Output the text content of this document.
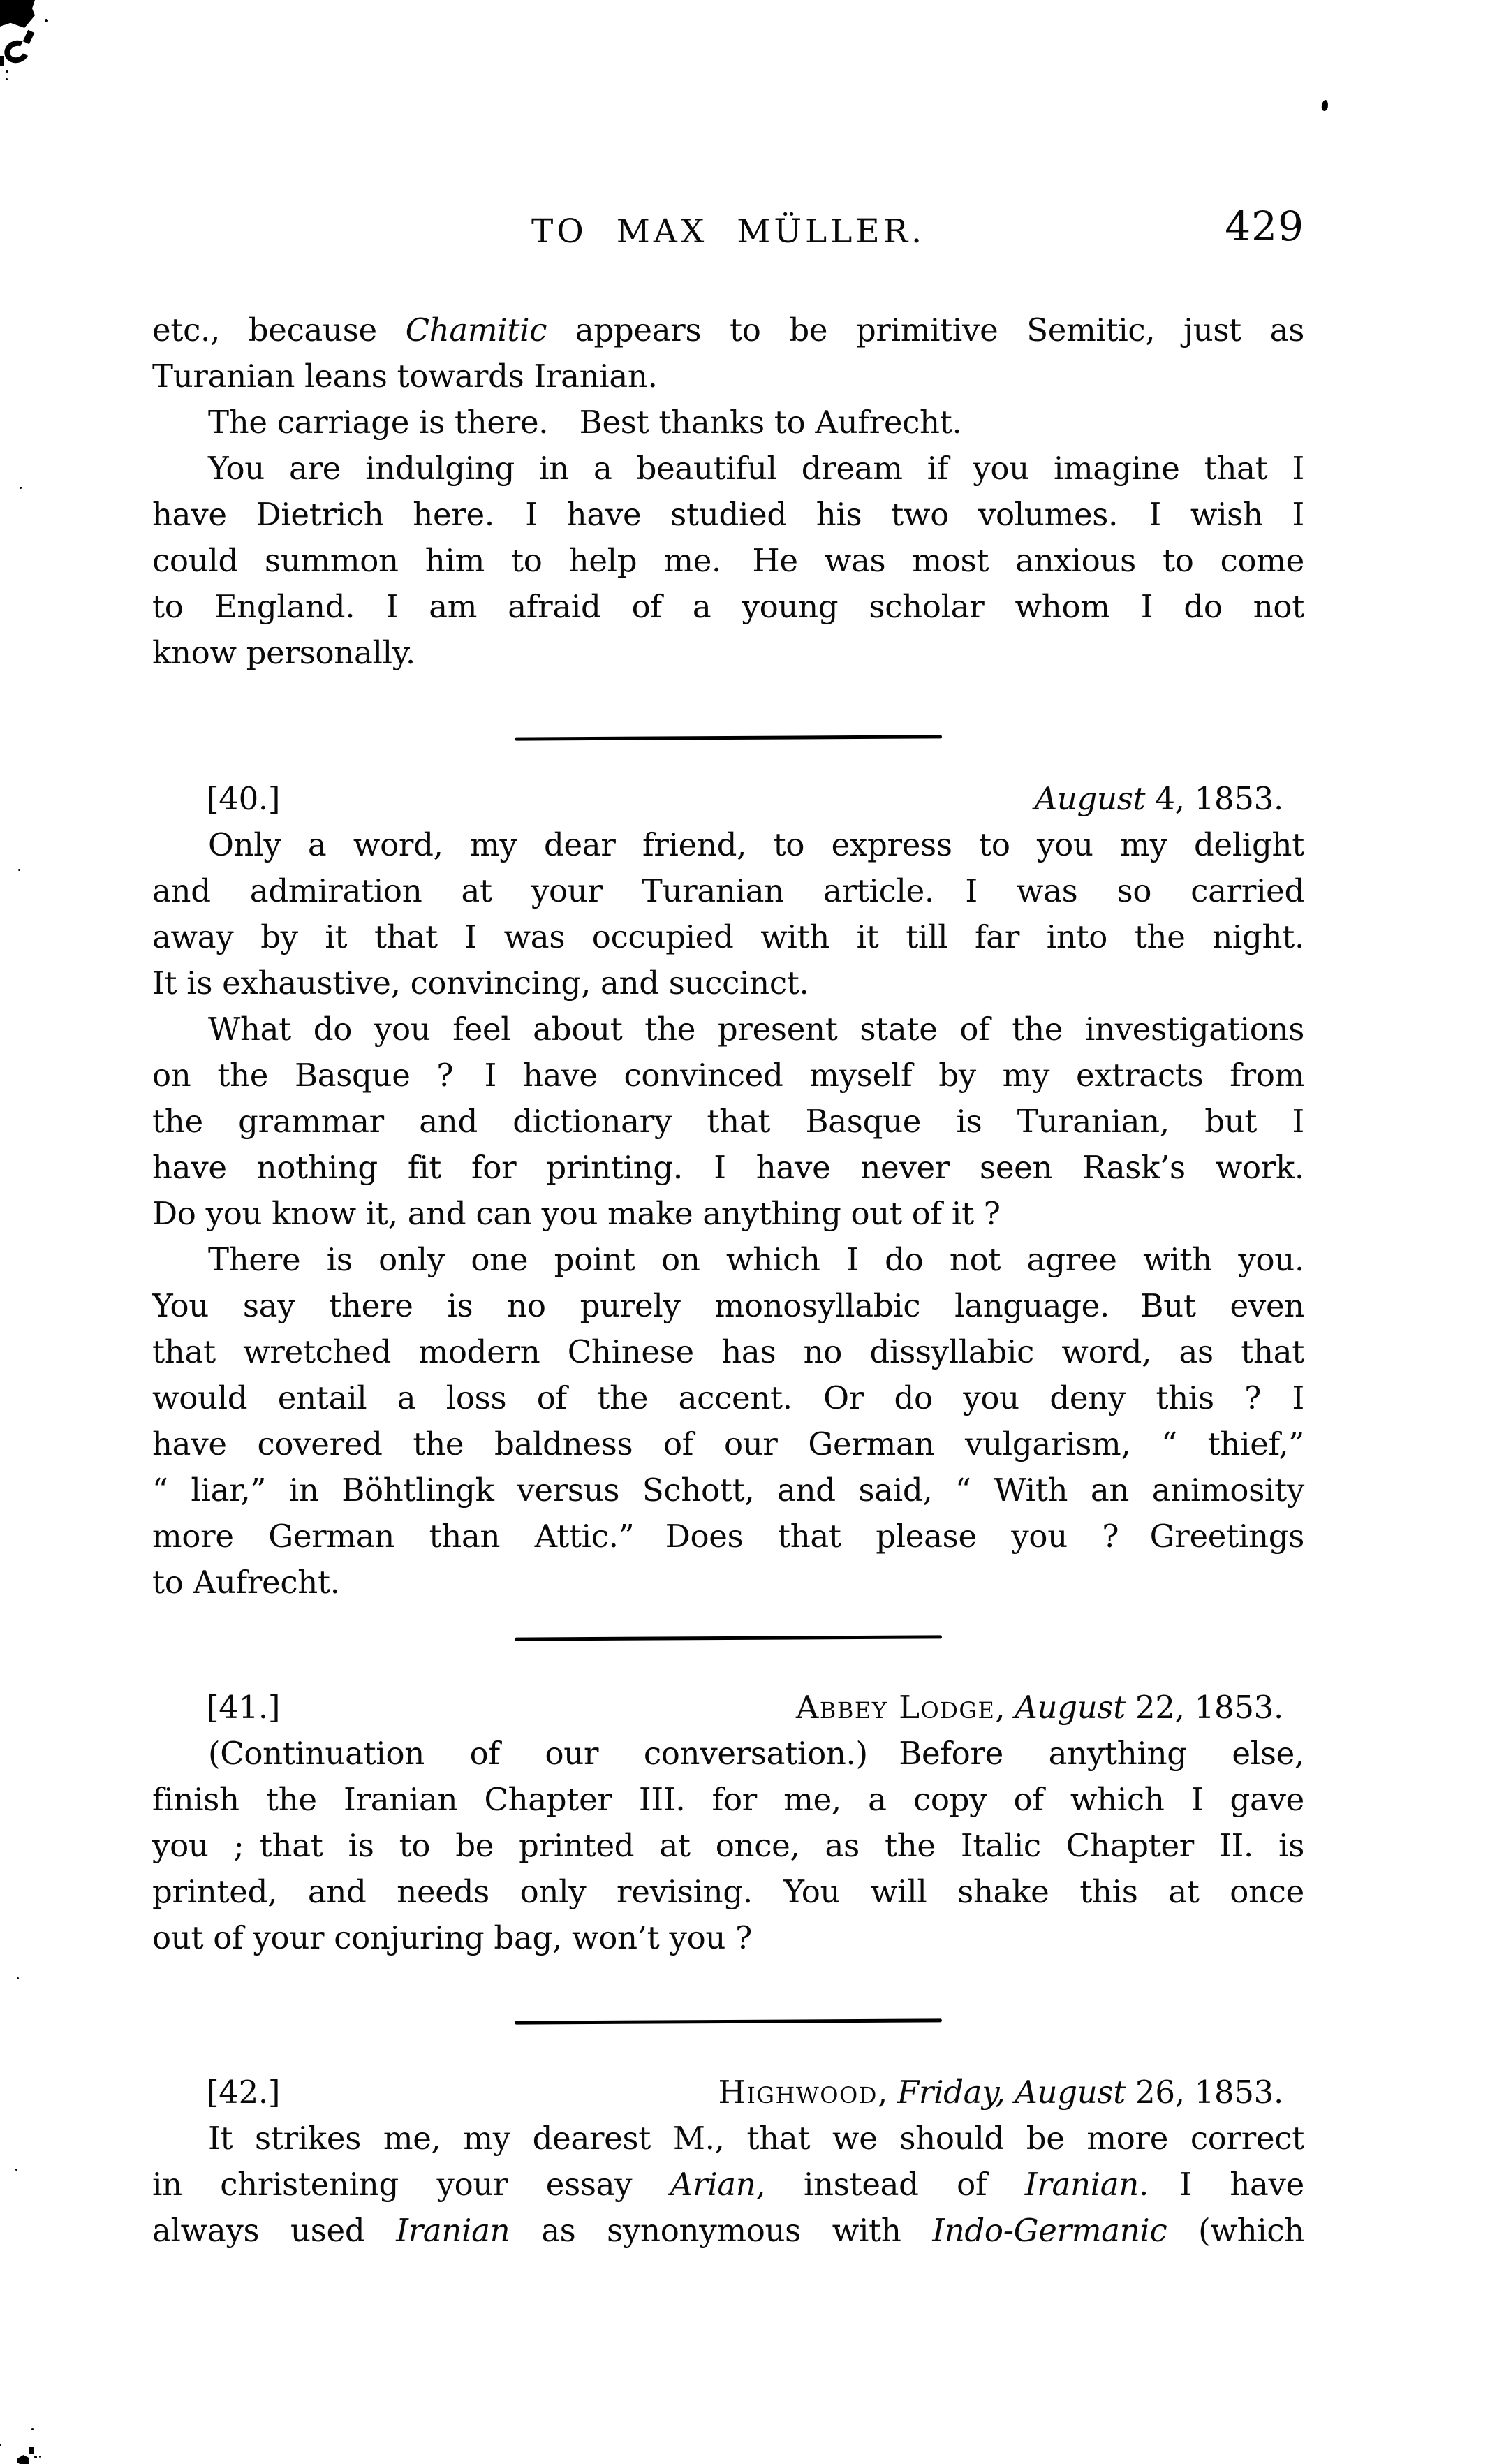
TO MAX MÜLLER.	429
etc., because Chamitic appears to be primitive Semitic, just as
Turanian leans towards Iranian.
The carriage is there.  Best thanks to Aufrecht.
You are indulging in a beautiful dream if you imagine that I
have Dietrich here.  I have studied his two volumes.  I wish I
could summon him to help me.  He was most anxious to come
to England.  I am afraid of a young scholar whom I do not
know personally.
[40.]	August 4, 1853.
Only a word, my dear friend, to express to you my delight
and admiration at your Turanian article.  I was so carried
away by it that I was occupied with it till far into the night.
It is exhaustive, convincing, and succinct.
What do you feel about the present state of the investigations
on the Basque ?  I have convinced myself by my extracts from
the grammar and dictionary that Basque is Turanian, but I
have nothing fit for printing.  I have never seen Rask’s work.
Do you know it, and can you make anything out of it ?
There is only one point on which I do not agree with you.
You say there is no purely monosyllabic language.  But even
that wretched modern Chinese has no dissyllabic word, as that
would entail a loss of the accent.  Or do you deny this ?  I
have covered the baldness of our German vulgarism, “ thief,”
“ liar,” in Böhtlingk versus Schott, and said, “ With an animosity
more German than Attic.”  Does that please you ?  Greetings
to Aufrecht.
[41.]	Abbey Lodge, August 22, 1853.
(Continuation of our conversation.)  Before anything else,
finish the Iranian Chapter III. for me, a copy of which I gave
you ; that is to be printed at once, as the Italic Chapter II. is
printed, and needs only revising.  You will shake this at once
out of your conjuring bag, won’t you ?
[42.]	Highwood, Friday, August 26, 1853.
It strikes me, my dearest M., that we should be more correct
in christening your essay Arian, instead of Iranian.  I have
always used Iranian as synonymous with Indo-Germanic (which
